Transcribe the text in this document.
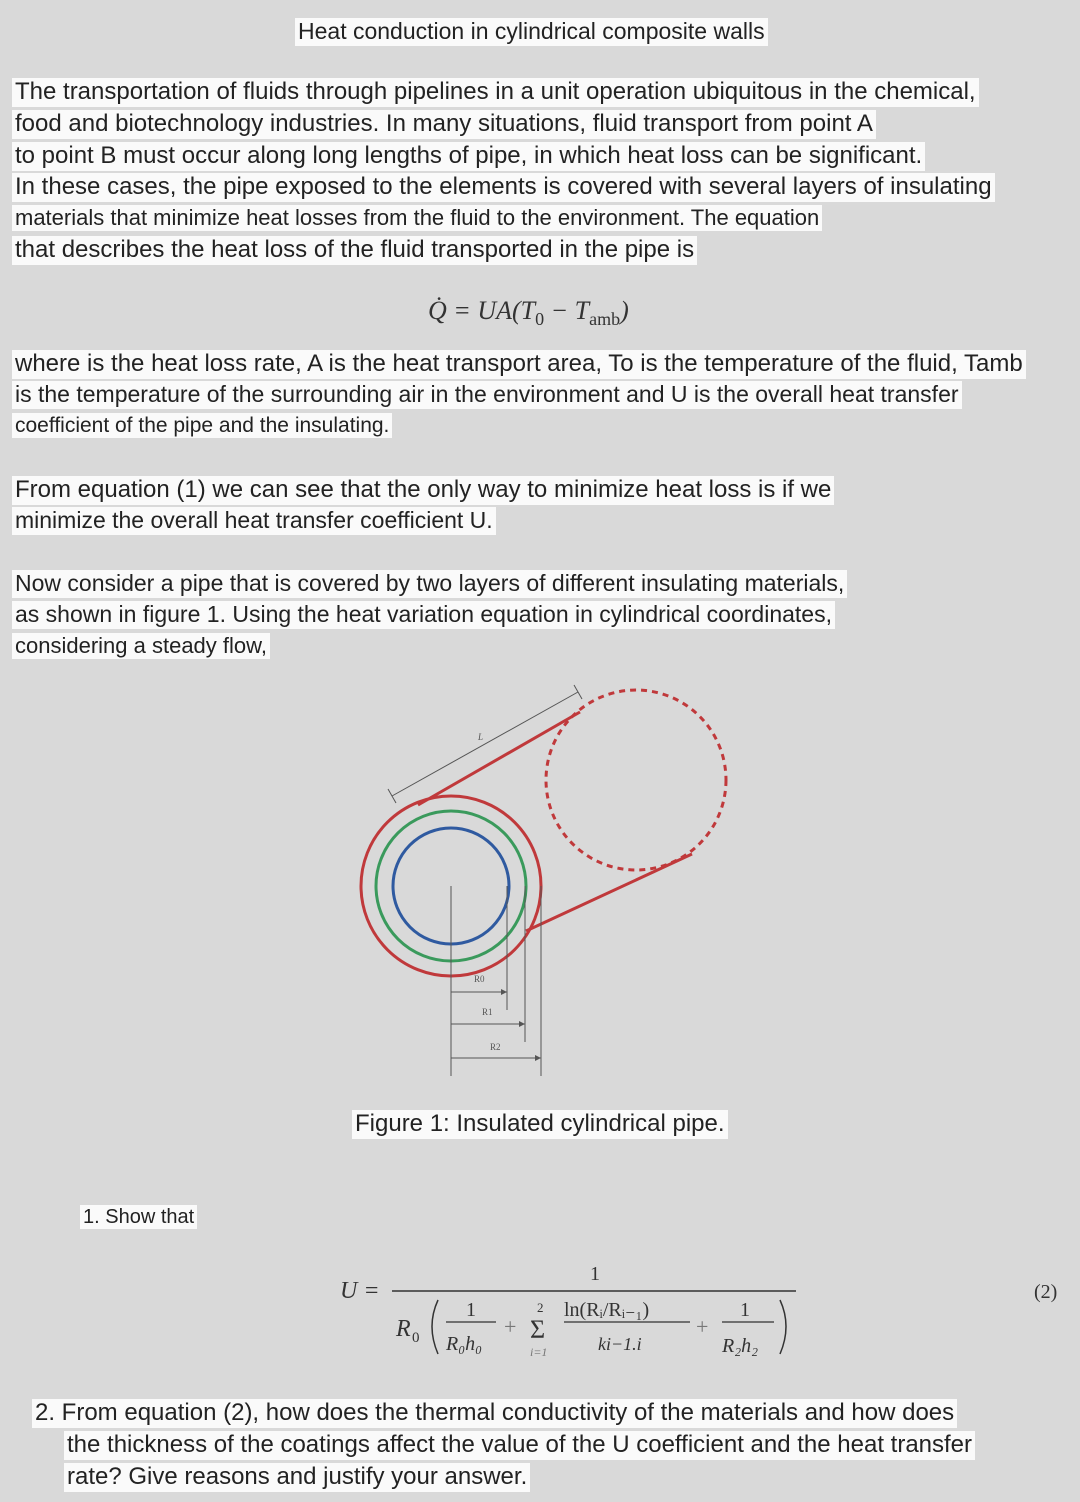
Heat conduction in cylindrical composite walls
The transportation of fluids through pipelines in a unit operation ubiquitous in the chemical,
food and biotechnology industries. In many situations, fluid transport from point A
to point B must occur along long lengths of pipe, in which heat loss can be significant.
In these cases, the pipe exposed to the elements is covered with several layers of insulating
materials that minimize heat losses from the fluid to the environment. The equation
that describes the heat loss of the fluid transported in the pipe is
Q̇ = $UA(T_0 - T_{amb})$
where is the heat loss rate, A is the heat transport area, To is the temperature of the fluid, Tamb
is the temperature of the surrounding air in the environment and U is the overall heat transfer
coefficient of the pipe and the insulating.
From equation (1) we can see that the only way to minimize heat loss is if we
minimize the overall heat transfer coefficient U.
Now consider a pipe that is covered by two layers of different insulating materials,
as shown in figure 1. Using the heat variation equation in cylindrical coordinates,
considering a steady flow,
L
R0
R1
R2
Figure 1: Insulated cylindrical pipe.
1. Show that
U =
1
R 0
1
R₀h₀
+
2
Σ
i=1
ln(Rᵢ/Rᵢ₋₁)
ki−1.i
+
1
R₂h₂
(2)
2. From equation (2), how does the thermal conductivity of the materials and how does
the thickness of the coatings affect the value of the U coefficient and the heat transfer
rate? Give reasons and justify your answer.
